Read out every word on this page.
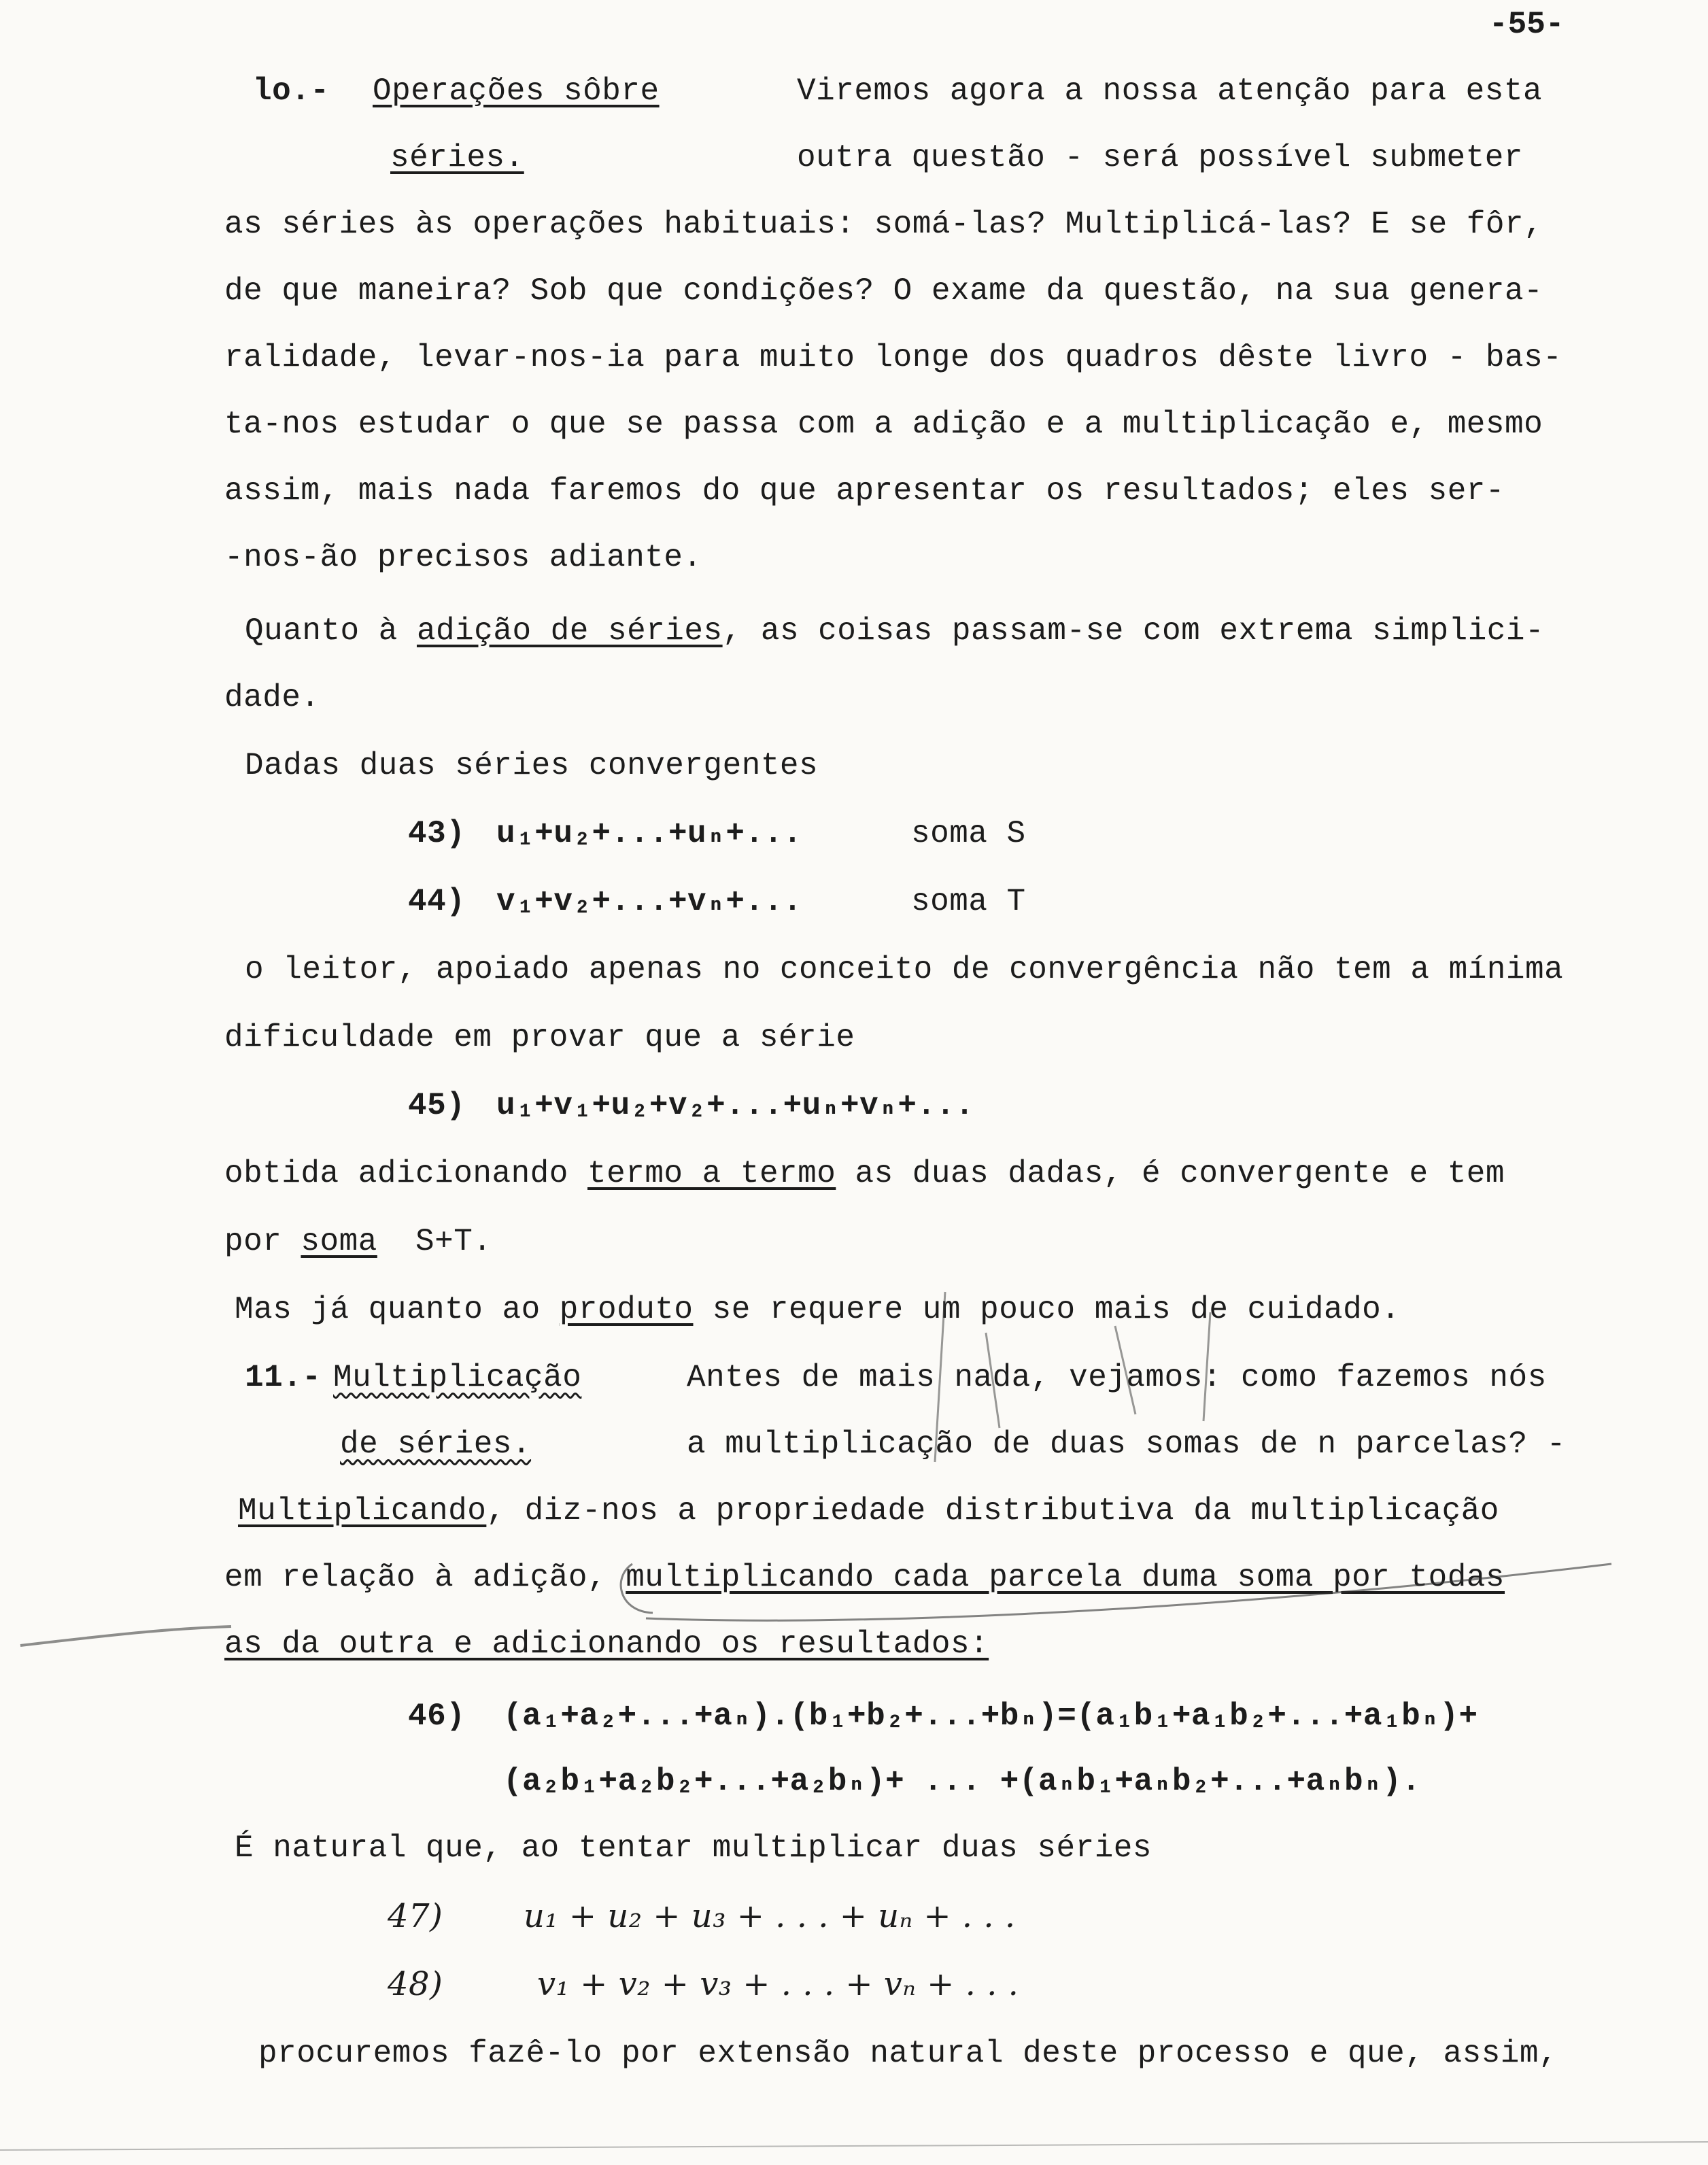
-55-
lo.- Operações sôbre	Viremos agora a nossa atenção para esta
séries.	outra questão - será possível submeter
as séries às operações habituais: somá-las? Multiplicá-las? E se fôr,
de que maneira? Sob que condições? O exame da questão, na sua genera-
ralidade, levar-nos-ia para muito longe dos quadros dêste livro - bas-
ta-nos estudar o que se passa com a adição e a multiplicação e, mesmo
assim, mais nada faremos do que apresentar os resultados; eles ser-
-nos-ão precisos adiante.
Quanto à adição de séries, as coisas passam-se com extrema simplici-
dade.
Dadas duas séries convergentes
43) u₁+u₂+...+uₙ+...	soma S
44) v₁+v₂+...+vₙ+...	soma T
o leitor, apoiado apenas no conceito de convergência não tem a mínima
dificuldade em provar que a série
45) u₁+v₁+u₂+v₂+...+uₙ+vₙ+...
obtida adicionando termo a termo as duas dadas, é convergente e tem
por soma  S+T.
Mas já quanto ao produto se requere um pouco mais de cuidado.
11.- Multiplicação	Antes de mais nada, vejamos: como fazemos nós
de séries.	a multiplicação de duas somas de n parcelas? -
Multiplicando, diz-nos a propriedade distributiva da multiplicação
em relação à adição, multiplicando cada parcela duma soma por todas
as da outra e adicionando os resultados:
46) (a₁+a₂+...+aₙ).(b₁+b₂+...+bₙ)=(a₁b₁+a₁b₂+...+a₁bₙ)+
(a₂b₁+a₂b₂+...+a₂bₙ)+ ... +(aₙb₁+aₙb₂+...+aₙbₙ).
É natural que, ao tentar multiplicar duas séries
47) u₁ + u₂ + u₃ + . . . + uₙ + . . .
48)	v₁ + v₂ + v₃ + . . . + vₙ + . . .
procuremos fazê-lo por extensão natural deste processo e que, assim,
